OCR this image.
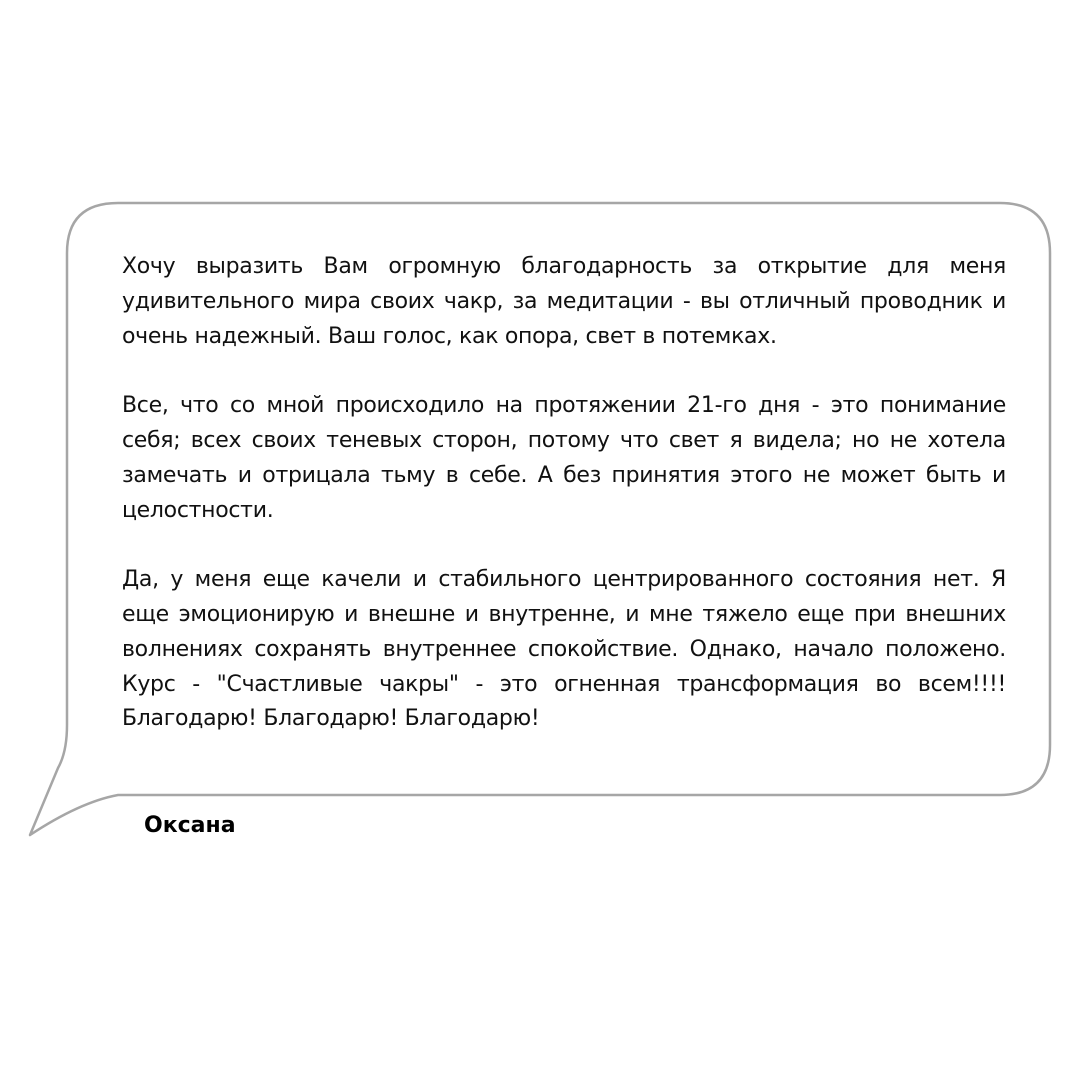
Хочу выразить Вам огромную благодарность за открытие для меня удивительного мира своих чакр, за медитации - вы отличный проводник и очень надежный. Ваш голос, как опора, свет в потемках.

Все, что со мной происходило на протяжении 21-го дня - это понимание себя; всех своих теневых сторон, потому что свет я видела; но не хотела замечать и отрицала тьму в себе. А без принятия этого не может быть и целостности.

Да, у меня еще качели и стабильного центрированного состояния нет. Я еще эмоционирую и внешне и внутренне, и мне тяжело еще при внешних волнениях сохранять внутреннее спокойствие. Однако, начало положено. Курс - "Счастливые чакры" - это огненная трансформация во всем!!!! Благодарю! Благодарю! Благодарю!

Оксана
